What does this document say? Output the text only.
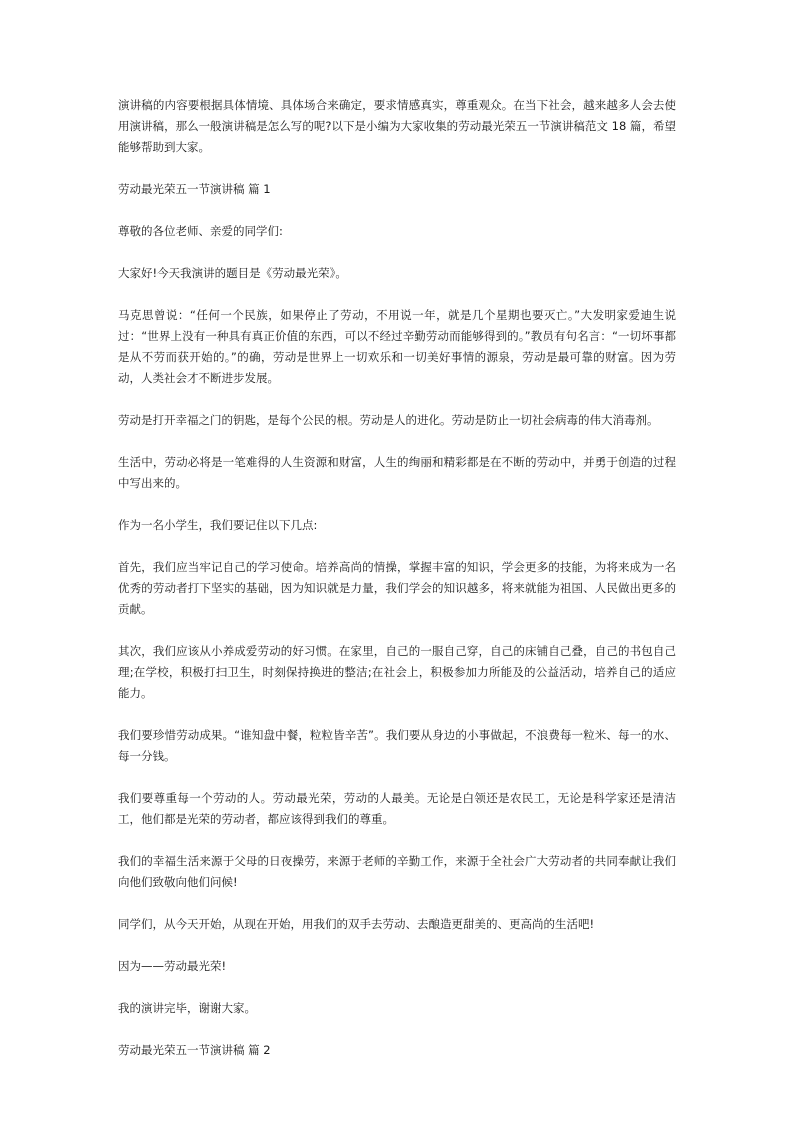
演讲稿的内容要根据具体情境、具体场合来确定，要求情感真实，尊重观众。在当下社会，越来越多人会去使用演讲稿，那么一般演讲稿是怎么写的呢?以下是小编为大家收集的劳动最光荣五一节演讲稿范文 18 篇，希望能够帮助到大家。

劳动最光荣五一节演讲稿 篇 1

尊敬的各位老师、亲爱的同学们:

大家好!今天我演讲的题目是《劳动最光荣》。

马克思曾说：“任何一个民族，如果停止了劳动，不用说一年，就是几个星期也要灭亡。”大发明家爱迪生说过：“世界上没有一种具有真正价值的东西，可以不经过辛勤劳动而能够得到的。”教员有句名言：“一切坏事都是从不劳而获开始的。”的确，劳动是世界上一切欢乐和一切美好事情的源泉，劳动是最可靠的财富。因为劳动，人类社会才不断进步发展。

劳动是打开幸福之门的钥匙，是每个公民的根。劳动是人的进化。劳动是防止一切社会病毒的伟大消毒剂。

生活中，劳动必将是一笔难得的人生资源和财富，人生的绚丽和精彩都是在不断的劳动中，并勇于创造的过程中写出来的。

作为一名小学生，我们要记住以下几点:

首先，我们应当牢记自己的学习使命。培养高尚的情操，掌握丰富的知识，学会更多的技能，为将来成为一名优秀的劳动者打下坚实的基础，因为知识就是力量，我们学会的知识越多，将来就能为祖国、人民做出更多的贡献。

其次，我们应该从小养成爱劳动的好习惯。在家里，自己的一服自己穿，自己的床铺自己叠，自己的书包自己理;在学校，积极打扫卫生，时刻保持换进的整洁;在社会上，积极参加力所能及的公益活动，培养自己的适应能力。

我们要珍惜劳动成果。“谁知盘中餐，粒粒皆辛苦”。我们要从身边的小事做起，不浪费每一粒米、每一的水、每一分钱。

我们要尊重每一个劳动的人。劳动最光荣，劳动的人最美。无论是白领还是农民工，无论是科学家还是清洁工，他们都是光荣的劳动者，都应该得到我们的尊重。

我们的幸福生活来源于父母的日夜操劳，来源于老师的辛勤工作，来源于全社会广大劳动者的共同奉献让我们向他们致敬向他们问候!

同学们，从今天开始，从现在开始，用我们的双手去劳动、去酿造更甜美的、更高尚的生活吧!

因为——劳动最光荣!

我的演讲完毕，谢谢大家。

劳动最光荣五一节演讲稿 篇 2
